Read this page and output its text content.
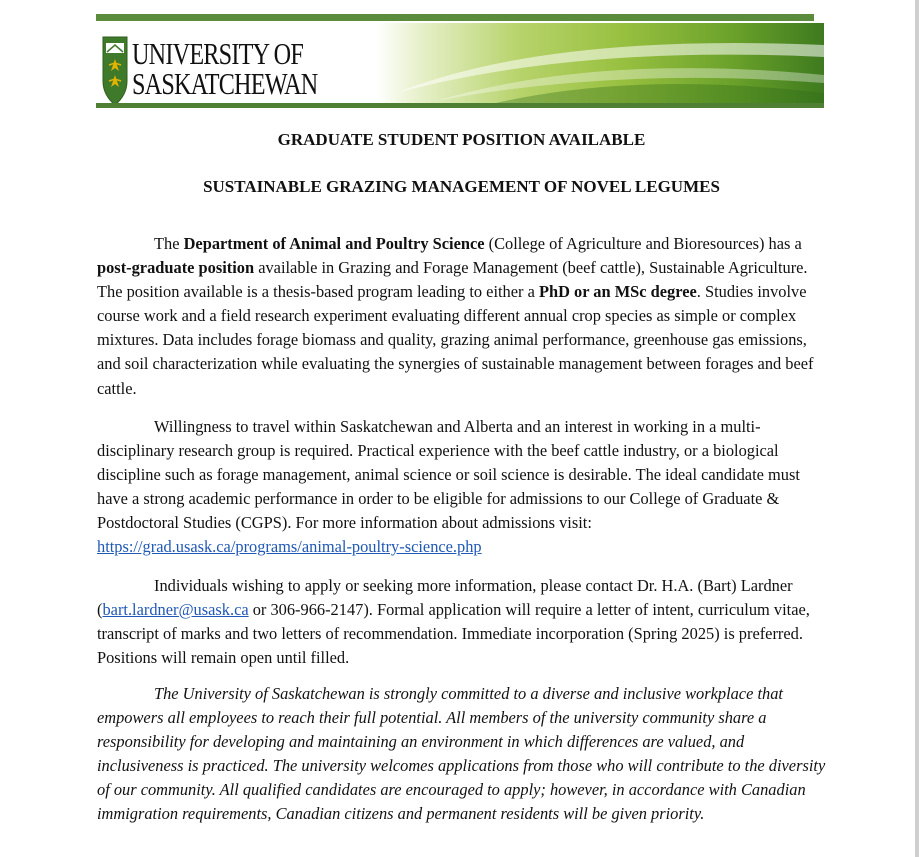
UNIVERSITY OF
SASKATCHEWAN
GRADUATE STUDENT POSITION AVAILABLE
SUSTAINABLE GRAZING MANAGEMENT OF NOVEL LEGUMES

The Department of Animal and Poultry Science (College of Agriculture and Bioresources) has a post-graduate position available in Grazing and Forage Management (beef cattle), Sustainable Agriculture. The position available is a thesis-based program leading to either a PhD or an MSc degree. Studies involve course work and a field research experiment evaluating different annual crop species as simple or complex mixtures. Data includes forage biomass and quality, grazing animal performance, greenhouse gas emissions, and soil characterization while evaluating the synergies of sustainable management between forages and beef cattle.

Willingness to travel within Saskatchewan and Alberta and an interest in working in a multi-disciplinary research group is required. Practical experience with the beef cattle industry, or a biological discipline such as forage management, animal science or soil science is desirable. The ideal candidate must have a strong academic performance in order to be eligible for admissions to our College of Graduate & Postdoctoral Studies (CGPS). For more information about admissions visit: https://grad.usask.ca/programs/animal-poultry-science.php

Individuals wishing to apply or seeking more information, please contact Dr. H.A. (Bart) Lardner (bart.lardner@usask.ca or 306-966-2147). Formal application will require a letter of intent, curriculum vitae, transcript of marks and two letters of recommendation. Immediate incorporation (Spring 2025) is preferred. Positions will remain open until filled.

The University of Saskatchewan is strongly committed to a diverse and inclusive workplace that empowers all employees to reach their full potential. All members of the university community share a responsibility for developing and maintaining an environment in which differences are valued, and inclusiveness is practiced. The university welcomes applications from those who will contribute to the diversity of our community. All qualified candidates are encouraged to apply; however, in accordance with Canadian immigration requirements, Canadian citizens and permanent residents will be given priority.
